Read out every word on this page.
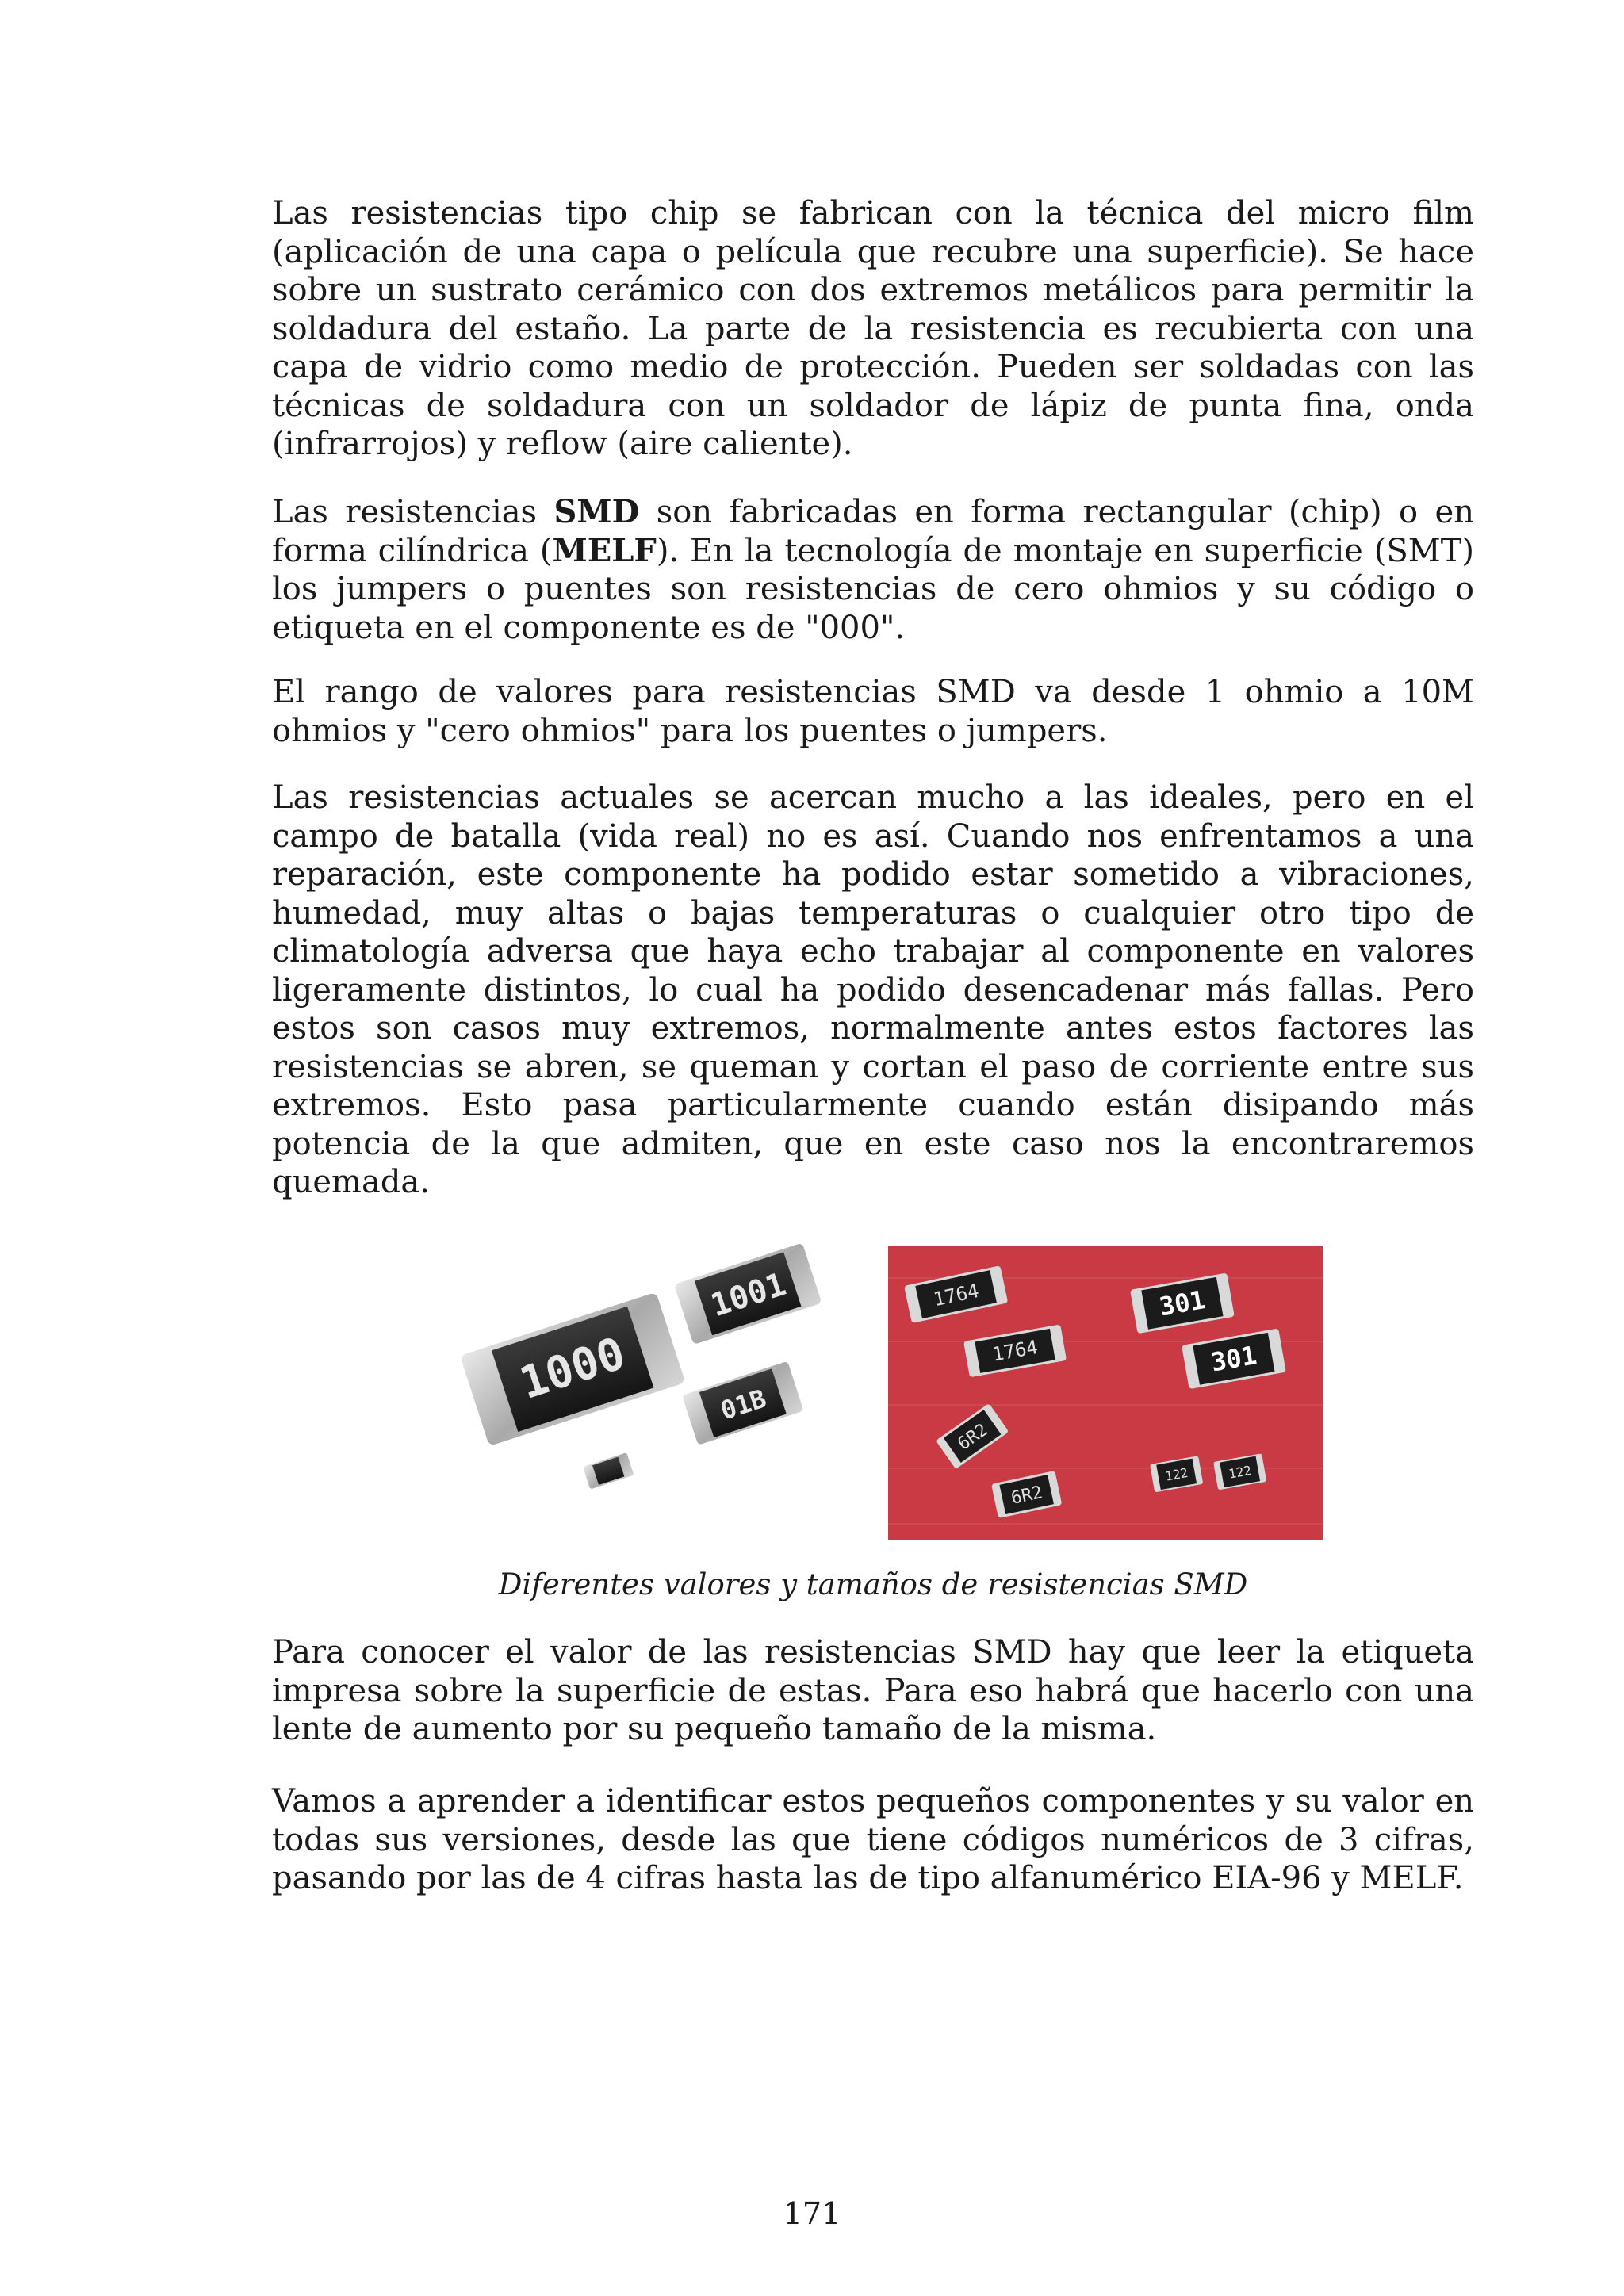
Las resistencias tipo chip se fabrican con la técnica del micro film (aplicación de una capa o película que recubre una superficie). Se hace sobre un sustrato cerámico con dos extremos metálicos para permitir la soldadura del estaño. La parte de la resistencia es recubierta con una capa de vidrio como medio de protección. Pueden ser soldadas con las técnicas de soldadura con un soldador de lápiz de punta fina, onda (infrarrojos) y reflow (aire caliente).

Las resistencias SMD son fabricadas en forma rectangular (chip) o en forma cilíndrica (MELF). En la tecnología de montaje en superficie (SMT) los jumpers o puentes son resistencias de cero ohmios y su código o etiqueta en el componente es de "000".

El rango de valores para resistencias SMD va desde 1 ohmio a 10M ohmios y "cero ohmios" para los puentes o jumpers.

Las resistencias actuales se acercan mucho a las ideales, pero en el campo de batalla (vida real) no es así. Cuando nos enfrentamos a una reparación, este componente ha podido estar sometido a vibraciones, humedad, muy altas o bajas temperaturas o cualquier otro tipo de climatología adversa que haya echo trabajar al componente en valores ligeramente distintos, lo cual ha podido desencadenar más fallas. Pero estos son casos muy extremos, normalmente antes estos factores las resistencias se abren, se queman y cortan el paso de corriente entre sus extremos. Esto pasa particularmente cuando están disipando más potencia de la que admiten, que en este caso nos la encontraremos quemada.

1000
1001
01B
1764
1764
301
301
6R2
6R2
122	122

Diferentes valores y tamaños de resistencias SMD

Para conocer el valor de las resistencias SMD hay que leer la etiqueta impresa sobre la superficie de estas. Para eso habrá que hacerlo con una lente de aumento por su pequeño tamaño de la misma.

Vamos a aprender a identificar estos pequeños componentes y su valor en todas sus versiones, desde las que tiene códigos numéricos de 3 cifras, pasando por las de 4 cifras hasta las de tipo alfanumérico EIA-96 y MELF.

171
